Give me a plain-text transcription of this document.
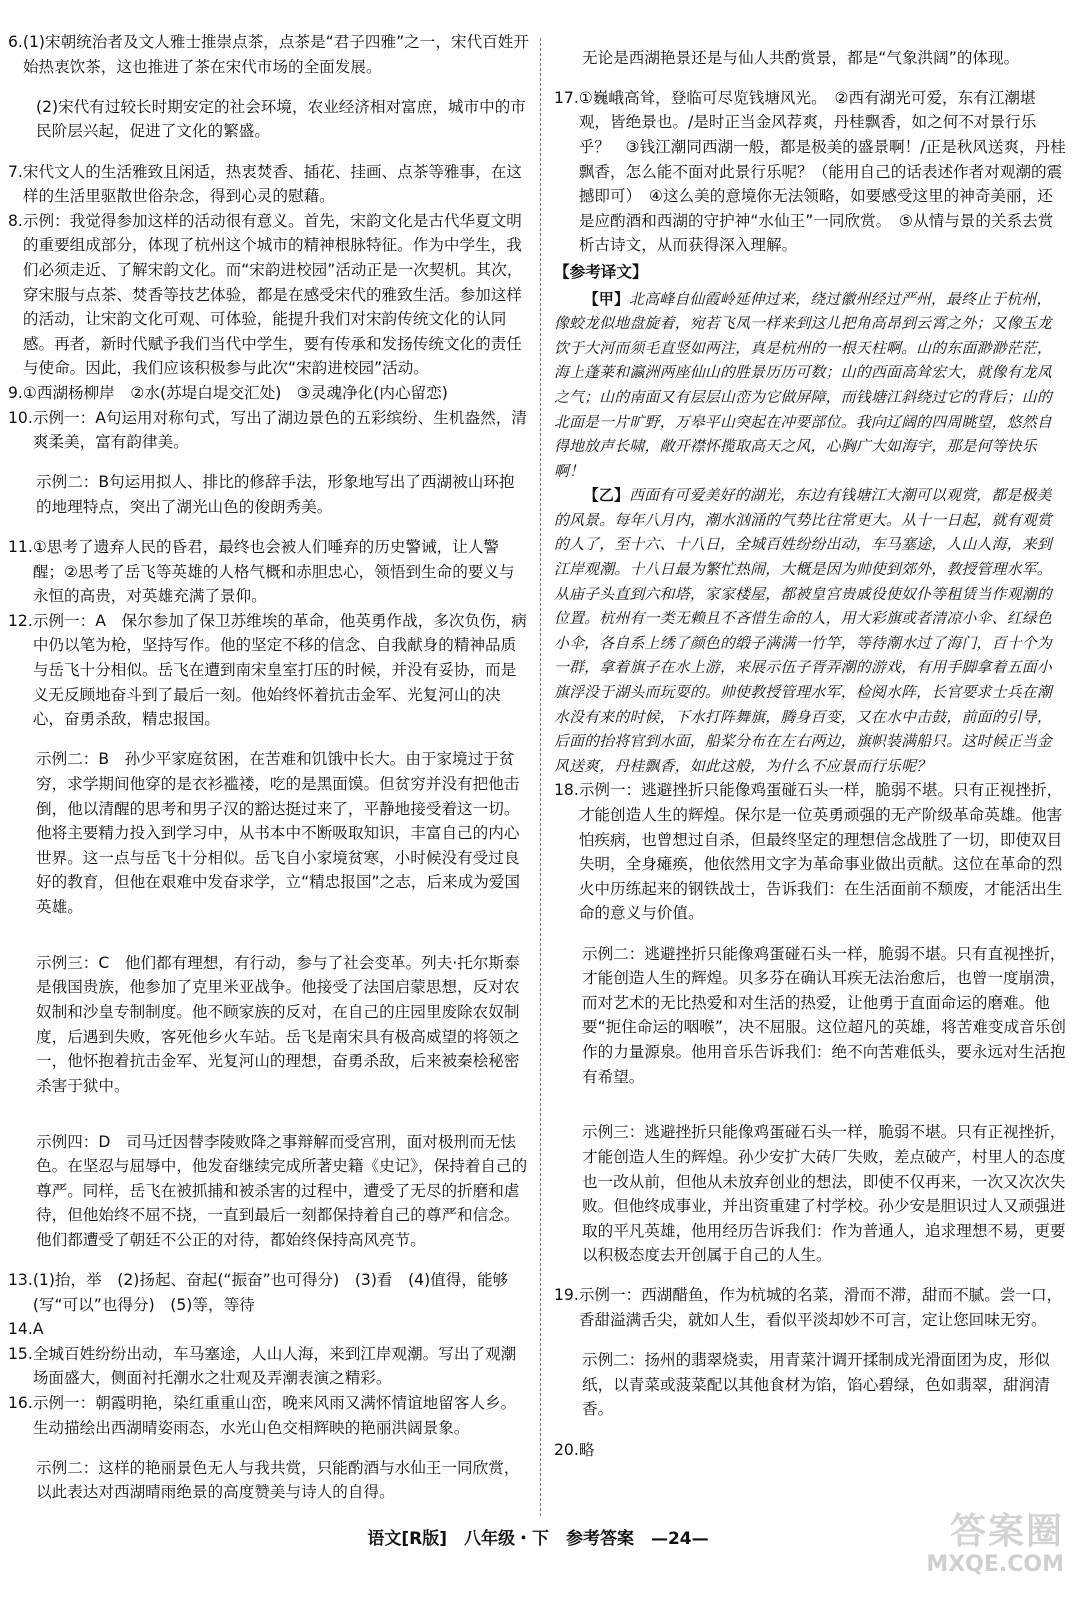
6. (1)宋朝统治者及文人雅士推崇点茶，点茶是“君子四雅”之一，宋代百姓开始热衷饮茶，这也推进了茶在宋代市场的全面发展。

(2)宋代有过较长时期安定的社会环境，农业经济相对富庶，城市中的市民阶层兴起，促进了文化的繁盛。

7. 宋代文人的生活雅致且闲适，热衷焚香、插花、挂画、点茶等雅事，在这样的生活里驱散世俗杂念，得到心灵的慰藉。

8. 示例：我觉得参加这样的活动很有意义。首先，宋韵文化是古代华夏文明的重要组成部分，体现了杭州这个城市的精神根脉特征。作为中学生，我们必须走近、了解宋韵文化。而“宋韵进校园”活动正是一次契机。其次，穿宋服与点茶、焚香等技艺体验，都是在感受宋代的雅致生活。参加这样的活动，让宋韵文化可观、可体验，能提升我们对宋韵传统文化的认同感。再者，新时代赋予我们当代中学生，要有传承和发扬传统文化的责任与使命。因此，我们应该积极参与此次“宋韵进校园”活动。

9. ①西湖杨柳岸　②水(苏堤白堤交汇处)　③灵魂净化(内心留恋)

10. 示例一：A句运用对称句式，写出了湖边景色的五彩缤纷、生机盎然，清爽柔美，富有韵律美。

示例二：B句运用拟人、排比的修辞手法，形象地写出了西湖被山环抱的地理特点，突出了湖光山色的俊朗秀美。

11. ①思考了遗弃人民的昏君，最终也会被人们唾弃的历史警诫，让人警醒；②思考了岳飞等英雄的人格气概和赤胆忠心，领悟到生命的要义与永恒的高贵，对英雄充满了景仰。

12. 示例一：A　保尔参加了保卫苏维埃的革命，他英勇作战，多次负伤，病中仍以笔为枪，坚持写作。他的坚定不移的信念、自我献身的精神品质与岳飞十分相似。岳飞在遭到南宋皇室打压的时候，并没有妥协，而是义无反顾地奋斗到了最后一刻。他始终怀着抗击金军、光复河山的决心，奋勇杀敌，精忠报国。

示例二：B　孙少平家庭贫困，在苦难和饥饿中长大。由于家境过于贫穷，求学期间他穿的是衣衫褴褛，吃的是黑面馍。但贫穷并没有把他击倒，他以清醒的思考和男子汉的豁达挺过来了，平静地接受着这一切。他将主要精力投入到学习中，从书本中不断吸取知识，丰富自己的内心世界。这一点与岳飞十分相似。岳飞自小家境贫寒，小时候没有受过良好的教育，但他在艰难中发奋求学，立“精忠报国”之志，后来成为爱国英雄。

示例三：C　他们都有理想，有行动，参与了社会变革。列夫·托尔斯泰是俄国贵族，他参加了克里米亚战争。他接受了法国启蒙思想，反对农奴制和沙皇专制制度。他不顾家族的反对，在自己的庄园里废除农奴制度，后遇到失败，客死他乡火车站。岳飞是南宋具有极高威望的将领之一，他怀抱着抗击金军、光复河山的理想，奋勇杀敌，后来被秦桧秘密杀害于狱中。

示例四：D　司马迁因替李陵败降之事辩解而受宫刑，面对极刑而无怯色。在坚忍与屈辱中，他发奋继续完成所著史籍《史记》，保持着自己的尊严。同样，岳飞在被抓捕和被杀害的过程中，遭受了无尽的折磨和虐待，但他始终不屈不挠，一直到最后一刻都保持着自己的尊严和信念。他们都遭受了朝廷不公正的对待，都始终保持高风亮节。

13. (1)抬，举　(2)扬起、奋起(“振奋”也可得分)　(3)看　(4)值得，能够(写“可以”也得分)　(5)等，等待

14. A

15. 全城百姓纷纷出动，车马塞途，人山人海，来到江岸观潮。写出了观潮场面盛大，侧面衬托潮水之壮观及弄潮表演之精彩。

16. 示例一：朝霞明艳，染红重重山峦，晚来风雨又满怀情谊地留客人乡。生动描绘出西湖晴姿雨态，水光山色交相辉映的艳丽洪阔景象。

示例二：这样的艳丽景色无人与我共赏，只能酌酒与水仙王一同欣赏，以此表达对西湖晴雨绝景的高度赞美与诗人的自得。

无论是西湖艳景还是与仙人共酌赏景，都是“气象洪阔”的体现。

17. ①巍峨高耸，登临可尽览钱塘风光。　②西有湖光可爱，东有江潮堪观，皆绝景也。/是时正当金风荐爽，丹桂飘香，如之何不对景行乐乎？　③钱江潮同西湖一般，都是极美的盛景啊！/正是秋风送爽，丹桂飘香，怎么能不面对此景行乐呢？（能用自己的话表述作者对观潮的震撼即可）　④这么美的意境你无法领略，如要感受这里的神奇美丽，还是应酌酒和西湖的守护神“水仙王”一同欣赏。　⑤从情与景的关系去赏析古诗文，从而获得深入理解。

【参考译文】

【甲】北高峰自仙霞岭延伸过来，绕过徽州经过严州，最终止于杭州，像蛟龙似地盘旋着，宛若飞凤一样来到这儿把角高昂到云霄之外；又像玉龙饮于大河而须毛直竖如两注，真是杭州的一根天柱啊。山的东面渺渺茫茫，海上蓬莱和瀛洲两座仙山的胜景历历可数；山的西面高耸宏大，就像有龙凤之气；山的南面又有层层山峦为它做屏障，而钱塘江斜绕过它的背后；山的北面是一片旷野，万皋平山突起在冲要部位。我向辽阔的四周眺望，悠然自得地放声长啸，敞开襟怀揽取高天之风，心胸广大如海宇，那是何等快乐啊！

【乙】西面有可爱美好的湖光，东边有钱塘江大潮可以观赏，都是极美的风景。每年八月内，潮水汹涌的气势比往常更大。从十一日起，就有观赏的人了，至十六、十八日，全城百姓纷纷出动，车马塞途，人山人海，来到江岸观潮。十八日最为繁忙热闹，大概是因为帅使到郊外，教授管理水军。从庙子头直到六和塔，家家楼屋，都被皇宫贵戚役使奴仆等租赁当作观潮的位置。杭州有一类无赖且不吝惜生命的人，用大彩旗或者清凉小伞、红绿色小伞，各自系上绣了颜色的缎子满满一竹竿，等待潮水过了海门，百十个为一群，拿着旗子在水上游，来展示伍子胥弄潮的游戏，有用手脚拿着五面小旗浮没于湖头而玩耍的。帅使教授管理水军，检阅水阵，长官要求士兵在潮水没有来的时候，下水打阵舞旗，腾身百变，又在水中击鼓，前面的引导，后面的抬将官到水面，船桨分布在左右两边，旗帜装满船只。这时候正当金风送爽，丹桂飘香，如此这般，为什么不应景而行乐呢？

18. 示例一：逃避挫折只能像鸡蛋碰石头一样，脆弱不堪。只有正视挫折，才能创造人生的辉煌。保尔是一位英勇顽强的无产阶级革命英雄。他害怕疾病，也曾想过自杀，但最终坚定的理想信念战胜了一切，即使双目失明，全身瘫痪，他依然用文字为革命事业做出贡献。这位在革命的烈火中历练起来的钢铁战士，告诉我们：在生活面前不颓废，才能活出生命的意义与价值。

示例二：逃避挫折只能像鸡蛋碰石头一样，脆弱不堪。只有直视挫折，才能创造人生的辉煌。贝多芬在确认耳疾无法治愈后，也曾一度崩溃，而对艺术的无比热爱和对生活的热爱，让他勇于直面命运的磨难。他要“扼住命运的咽喉”，决不屈服。这位超凡的英雄，将苦难变成音乐创作的力量源泉。他用音乐告诉我们：绝不向苦难低头，要永远对生活抱有希望。

示例三：逃避挫折只能像鸡蛋碰石头一样，脆弱不堪。只有正视挫折，才能创造人生的辉煌。孙少安扩大砖厂失败，差点破产，村里人的态度也一改从前，但他从未放弃创业的想法，即使不仅再来，一次又次次失败。但他终成事业，并出资重建了村学校。孙少安是胆识过人又顽强进取的平凡英雄，他用经历告诉我们：作为普通人，追求理想不易，更要以积极态度去开创属于自己的人生。

19. 示例一：西湖醋鱼，作为杭城的名菜，滑而不滞，甜而不腻。尝一口，香甜溢满舌尖，就如人生，看似平淡却妙不可言，定让您回味无穷。

示例二：扬州的翡翠烧卖，用青菜汁调开揉制成光滑面团为皮，形似纸，以青菜或菠菜配以其他食材为馅，馅心碧绿，色如翡翠，甜润清香。

20. 略

语文[R版]　八年级・下　参考答案　—24—	答案圈
MXQE.COM
